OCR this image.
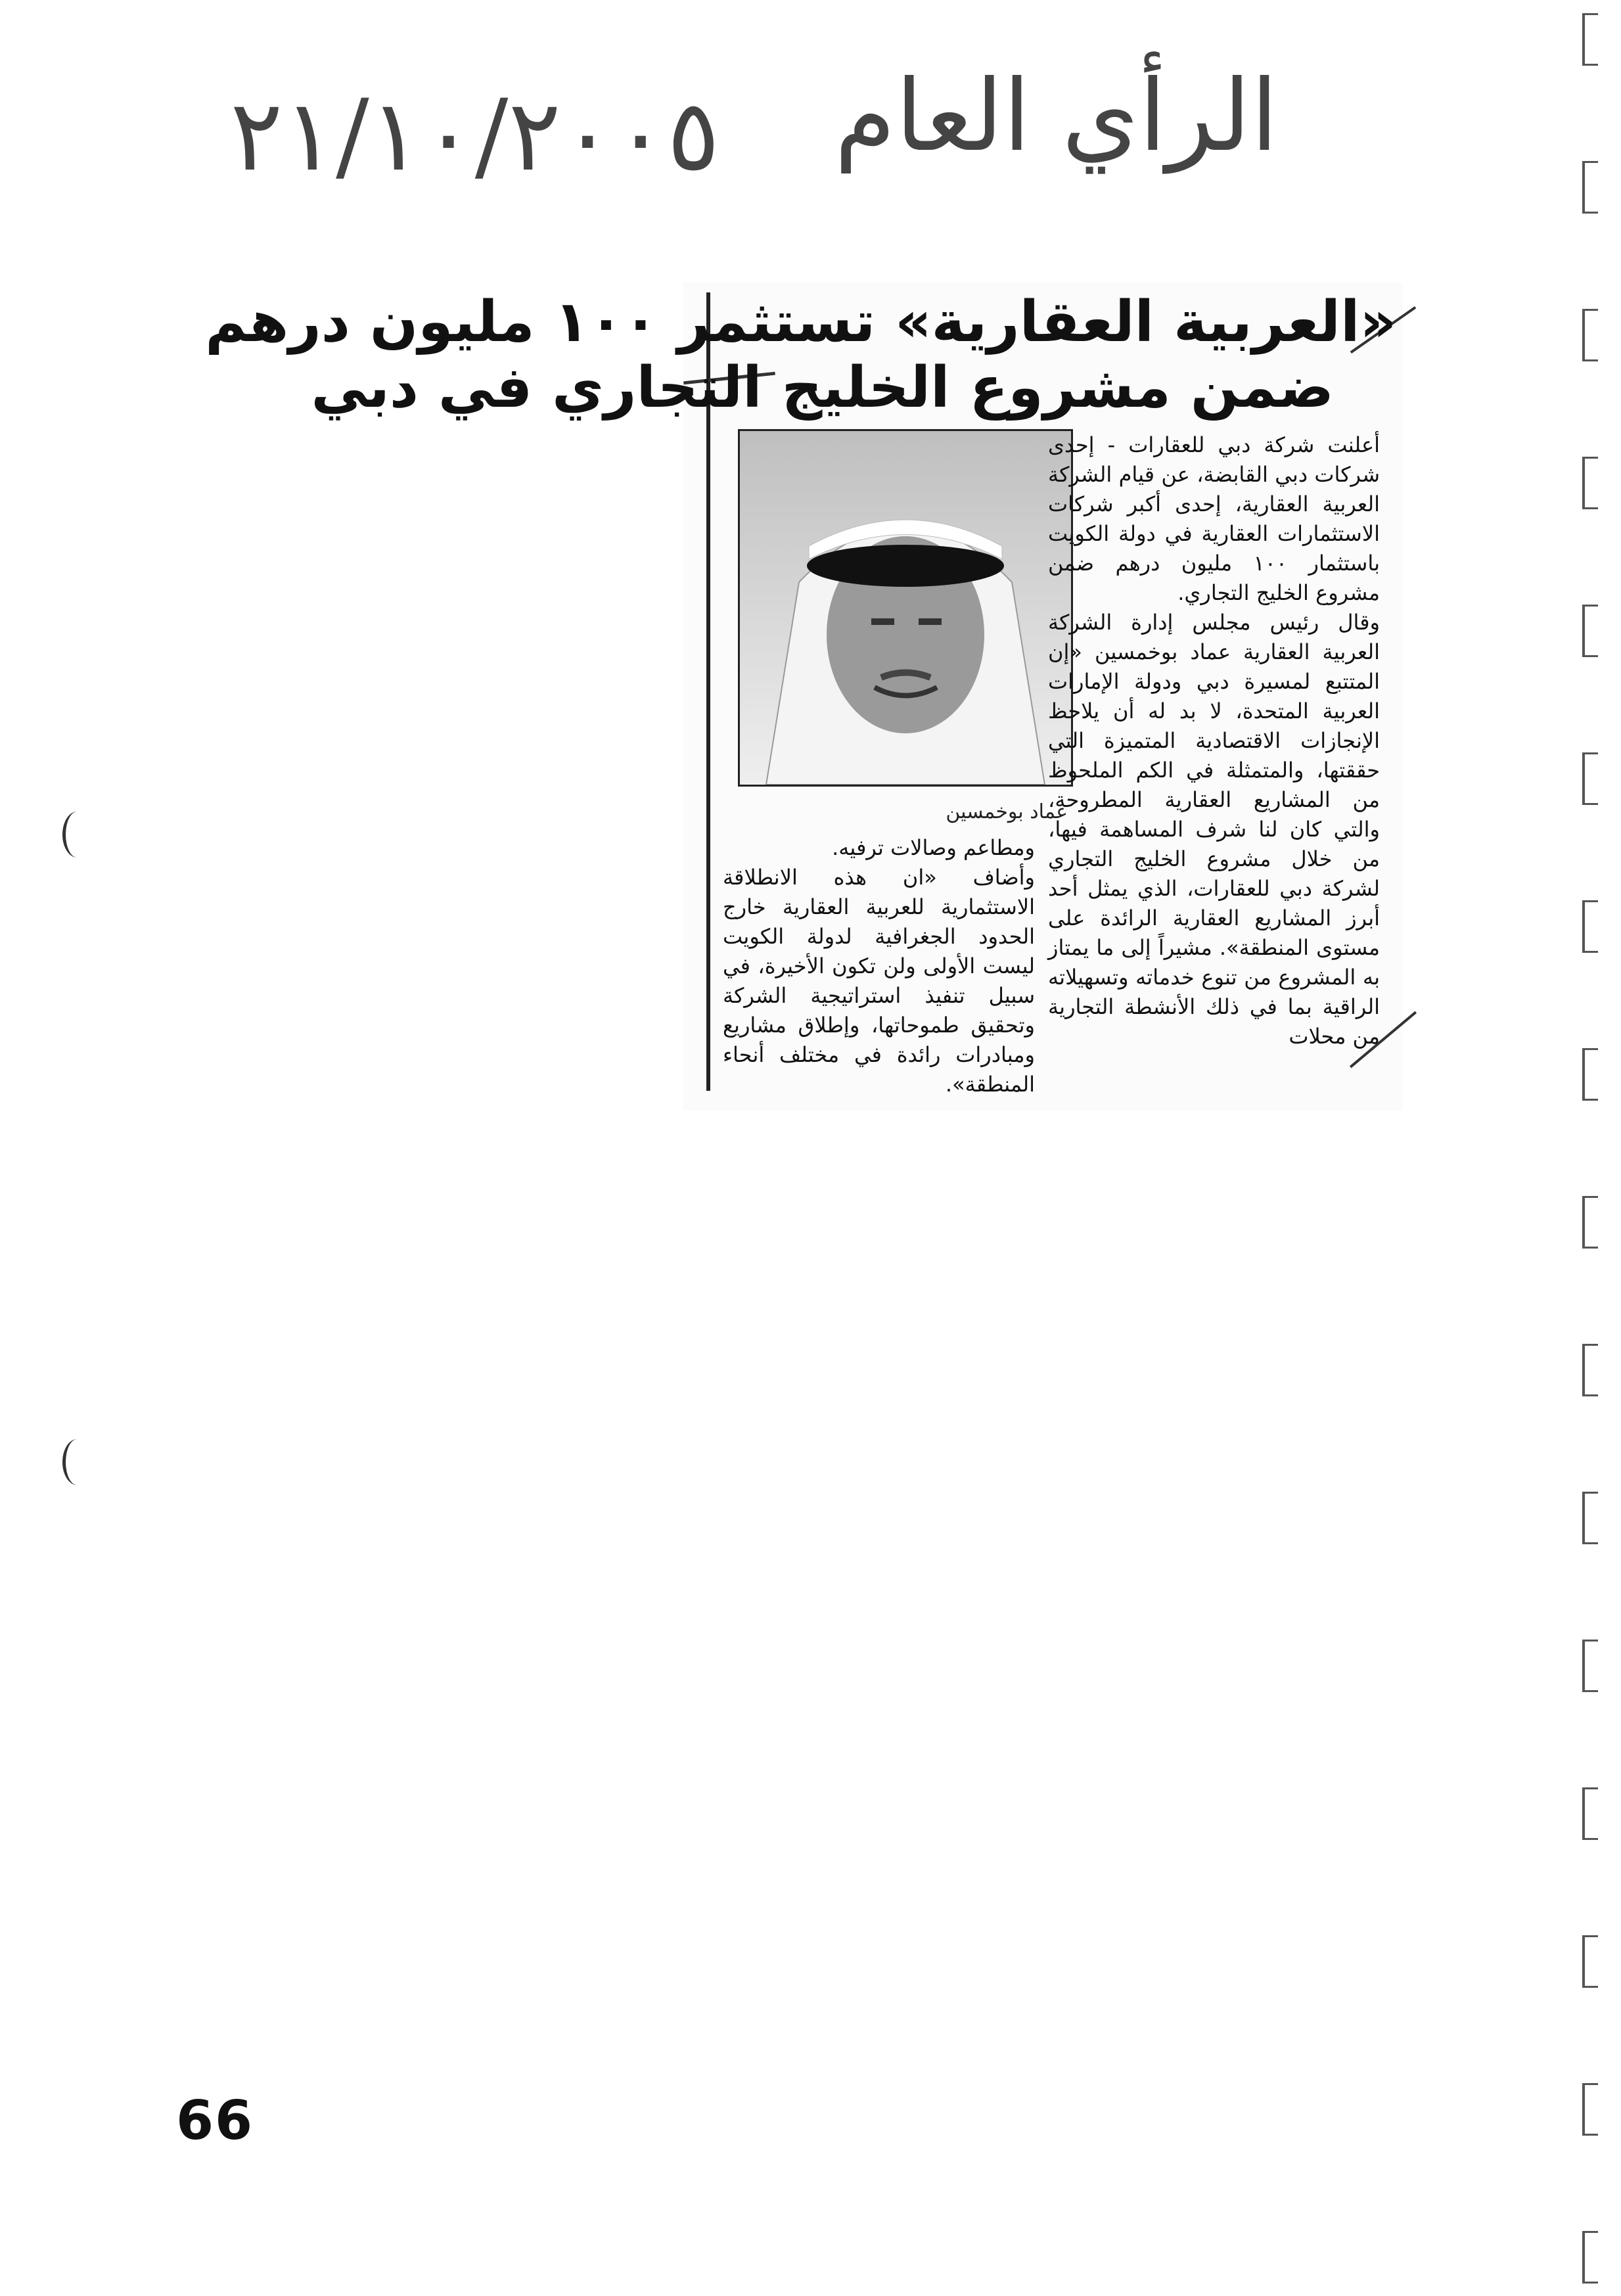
٢١/١٠/٢٠٠٥ الرأي العام
«العربية العقارية» تستثمر ١٠٠ مليون درهم
ضمن مشروع الخليج التجاري في دبي
عماد بوخمسين

أعلنت شركة دبي للعقارات - إحدى شركات دبي القابضة، عن قيام الشركة العربية العقارية، إحدى أكبر شركات الاستثمارات العقارية في دولة الكويت باستثمار ١٠٠ مليون درهم ضمن مشروع الخليج التجاري.

وقال رئيس مجلس إدارة الشركة العربية العقارية عماد بوخمسين «إن المتتبع لمسيرة دبي ودولة الإمارات العربية المتحدة، لا بد له أن يلاحظ الإنجازات الاقتصادية المتميزة التي حققتها، والمتمثلة في الكم الملحوظ من المشاريع العقارية المطروحة، والتي كان لنا شرف المساهمة فيها، من خلال مشروع الخليج التجاري لشركة دبي للعقارات، الذي يمثل أحد أبرز المشاريع العقارية الرائدة على مستوى المنطقة». مشيراً إلى ما يمتاز به المشروع من تنوع خدماته وتسهيلاته الراقية بما في ذلك الأنشطة التجارية من محلات

ومطاعم وصالات ترفيه.

وأضاف «ان هذه الانطلاقة الاستثمارية للعربية العقارية خارج الحدود الجغرافية لدولة الكويت ليست الأولى ولن تكون الأخيرة، في سبيل تنفيذ استراتيجية الشركة وتحقيق طموحاتها، وإطلاق مشاريع ومبادرات رائدة في مختلف أنحاء المنطقة».

66
